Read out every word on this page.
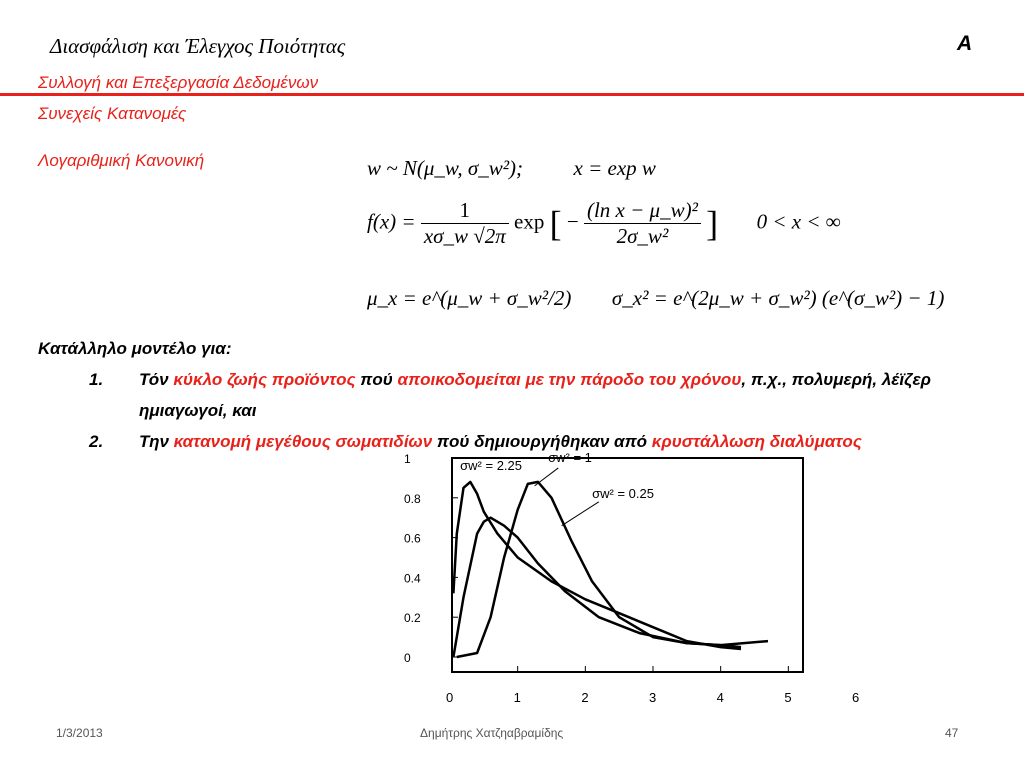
Διασφάλιση και Έλεγχος Ποιότητας	A
Συλλογή και Επεξεργασία Δεδομένων
Συνεχείς Κατανομές
Λογαριθμική Κανονική	w ~ N(μ_w, σ_w²); x = exp w
$f(x) = \frac{1}{x\sigma\_w √2\pi}$ exp [ − $\frac{\text{(ln x − μ\_w)²}}{\text{2σ\_w²}}$ ] 0 < x < ∞
μ_x = e^(μ_w + σ_w²/2) σ_x² = e^(2μ_w + σ_w²) (e^(σ_w²) − 1)
Κατάλληλο μοντέλο για:
1. Τόν κύκλο ζωής προϊόντος πού αποικοδομείται με την πάροδο του χρόνου, π.χ., πολυμερή, λέϊζερ ημιαγωγοί, και
2. Την κατανομή μεγέθους σωματιδίων πού δημιουργήθηκαν από κρυστάλλωση διαλύματος
0
0.2
0.4
0.6
0.8
1
0	1	2	3	4	5	6
σw² = 2.25
σw² = 1
σw² = 0.25
1/3/2013	Δημήτρης Χατζηαβραμίδης	47
